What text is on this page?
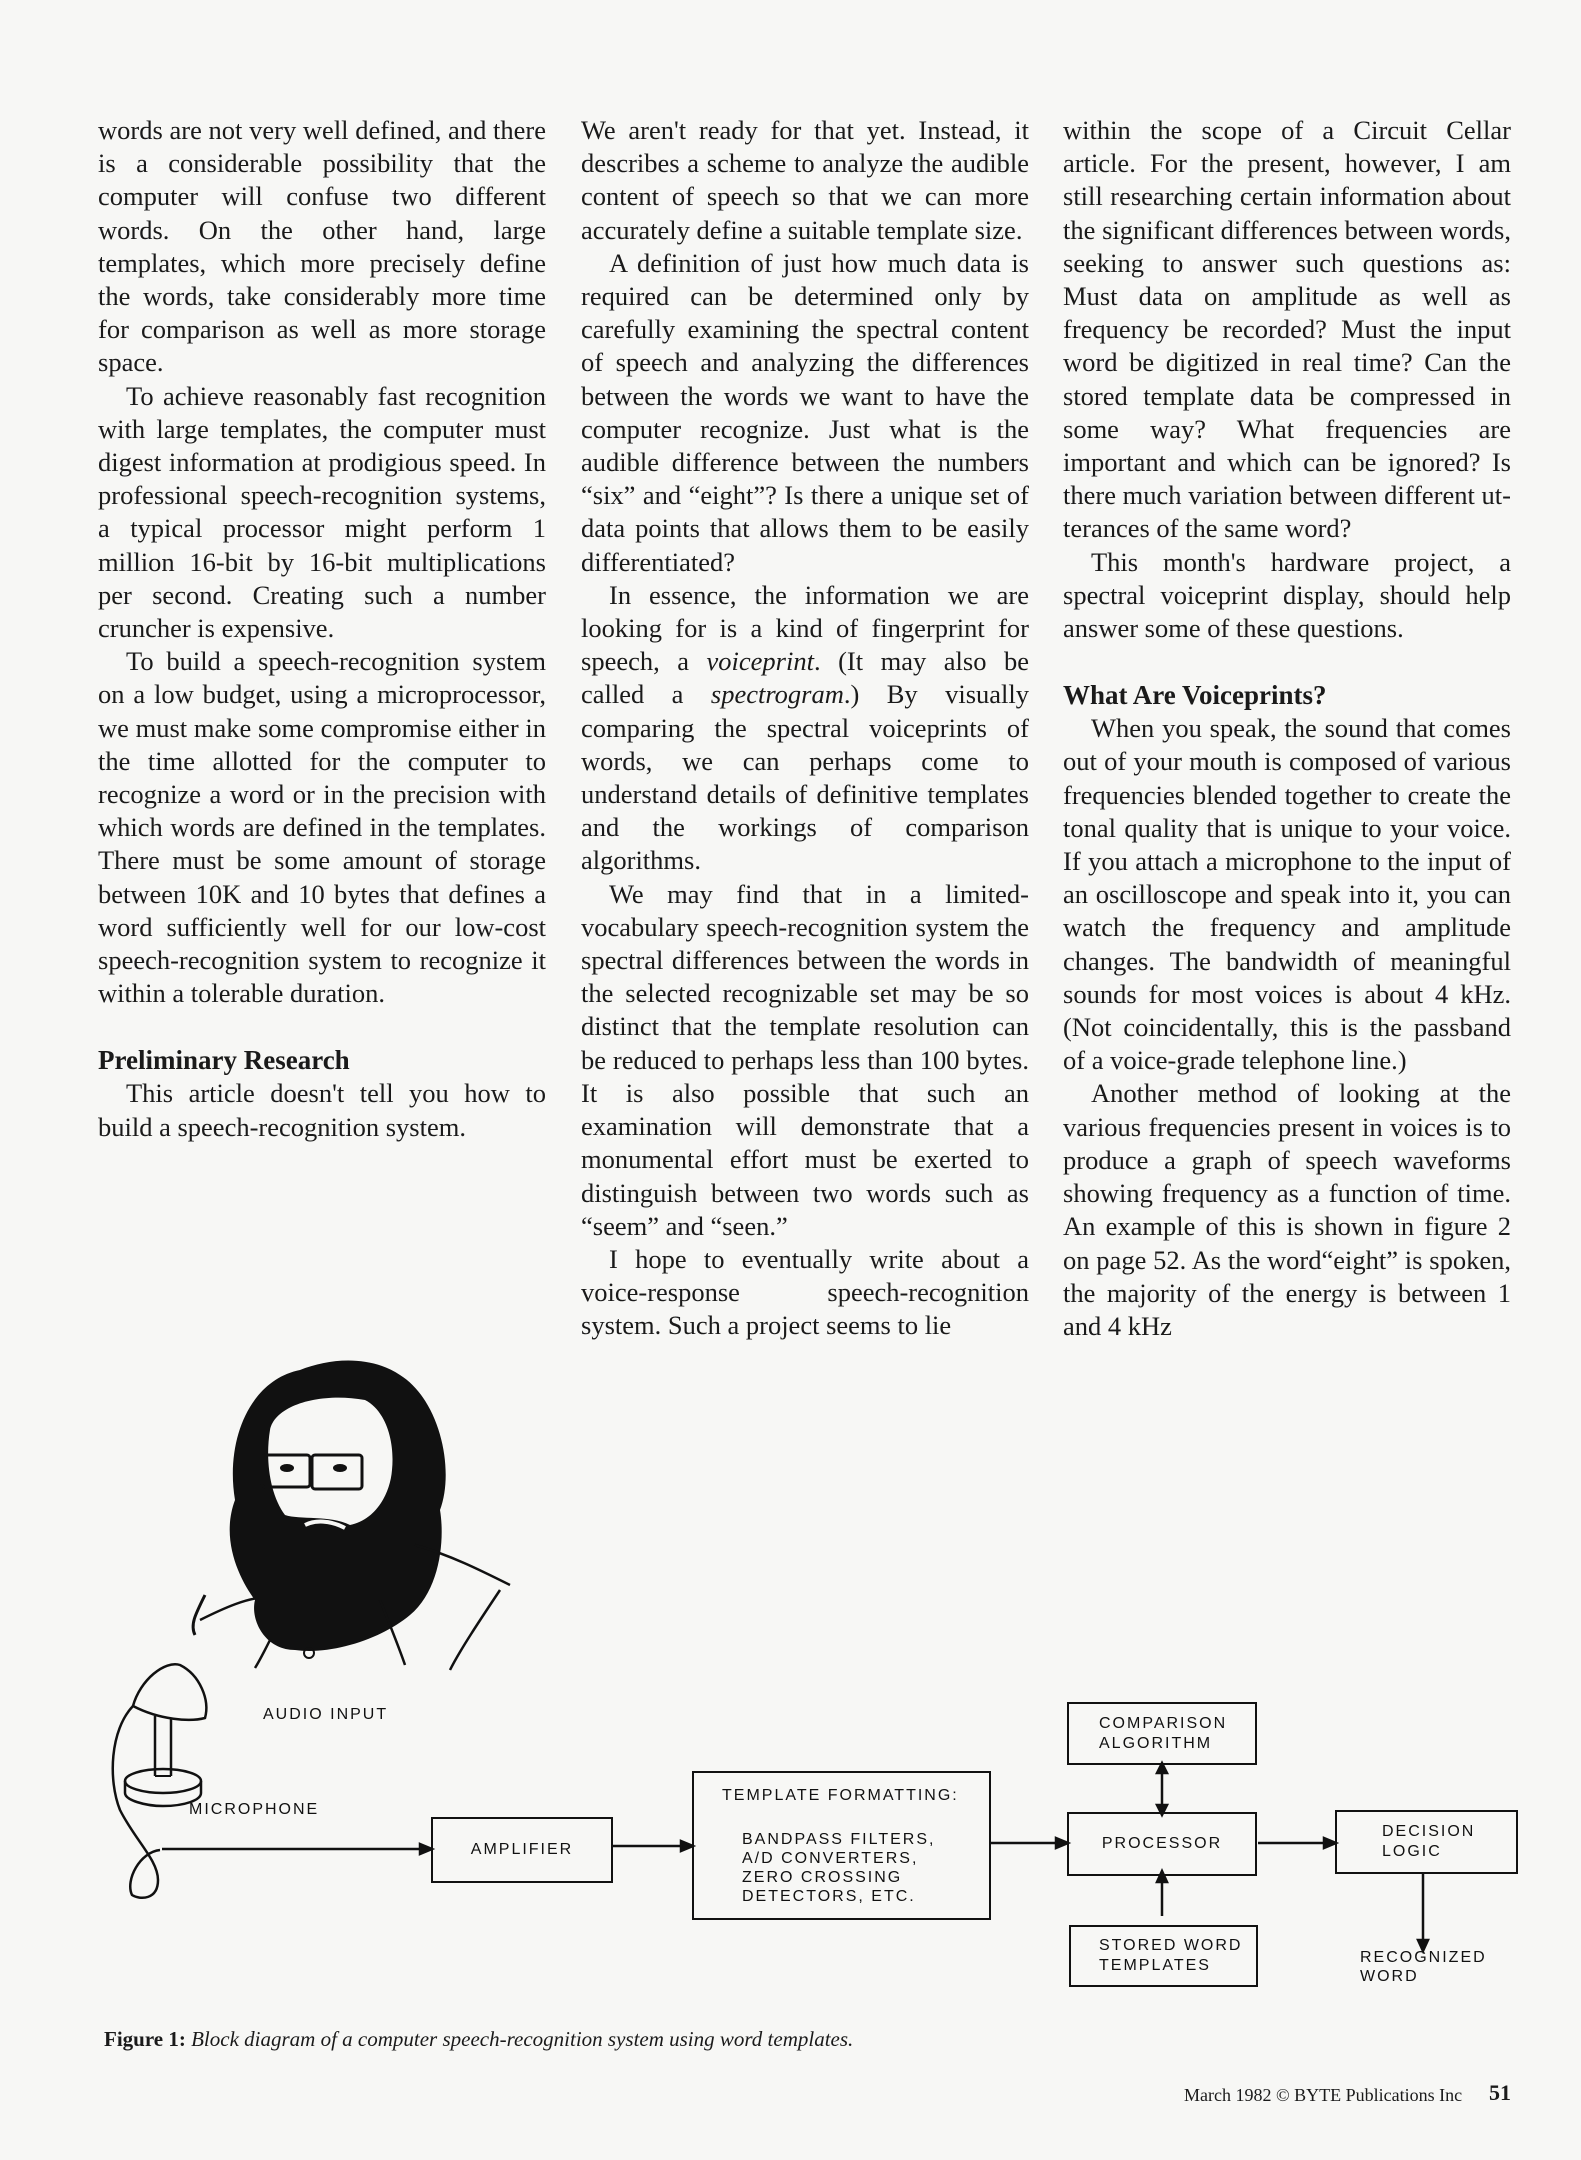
words are not very well defined, and there is a considerable possibility that the computer will confuse two different words. On the other hand, large templates, which more precisely define the words, take considerably more time for comparison as well as more storage space.

To achieve reasonably fast recognition with large templates, the computer must digest information at prodigious speed. In professional speech-recognition systems, a typical processor might perform 1 million 16-bit by 16-bit multiplications per second. Creating such a number cruncher is expensive.

To build a speech-recognition system on a low budget, using a microprocessor, we must make some compromise either in the time allotted for the computer to recognize a word or in the precision with which words are defined in the templates. There must be some amount of storage between 10K and 10 bytes that defines a word sufficiently well for our low-cost speech-recognition system to recognize it within a tolerable duration.

Preliminary Research

This article doesn't tell you how to build a speech-recognition system.

We aren't ready for that yet. Instead, it describes a scheme to analyze the audible content of speech so that we can more accurately define a suitable template size.

A definition of just how much data is required can be determined only by carefully examining the spectral content of speech and analyzing the differences between the words we want to have the computer recognize. Just what is the audible difference between the numbers “six” and “eight”? Is there a unique set of data points that allows them to be easily differentiated?

In essence, the information we are looking for is a kind of fingerprint for speech, a voiceprint. (It may also be called a spectrogram.) By visually comparing the spectral voiceprints of words, we can perhaps come to understand details of definitive templates and the workings of comparison algorithms.

We may find that in a limited-vocabulary speech-recognition system the spectral differences between the words in the selected recognizable set may be so distinct that the template resolution can be reduced to perhaps less than 100 bytes. It is also possible that such an examination will demonstrate that a monumental effort must be exerted to distinguish between two words such as “seem” and “seen.”

I hope to eventually write about a voice-response speech-recognition system. Such a project seems to lie

within the scope of a Circuit Cellar article. For the present, however, I am still researching certain information about the significant differences between words, seeking to answer such questions as: Must data on amplitude as well as frequency be recorded? Must the input word be digitized in real time? Can the stored template data be compressed in some way? What frequencies are important and which can be ignored? Is there much variation between different utterances of the same word?

This month's hardware project, a spectral voiceprint display, should help answer some of these questions.

What Are Voiceprints?

When you speak, the sound that comes out of your mouth is composed of various frequencies blended together to create the tonal quality that is unique to your voice. If you attach a microphone to the input of an oscilloscope and speak into it, you can watch the frequency and amplitude changes. The bandwidth of meaningful sounds for most voices is about 4 kHz. (Not coincidentally, this is the passband of a voice-grade telephone line.)

Another method of looking at the various frequencies present in voices is to produce a graph of speech waveforms showing frequency as a function of time. An example of this is shown in figure 2 on page 52. As the word“eight” is spoken, the majority of the energy is between 1 and 4 kHz

AUDIO INPUT
MICROPHONE
AMPLIFIER
TEMPLATE FORMATTING:
BANDPASS FILTERS,
A/D CONVERTERS,
ZERO CROSSING
DETECTORS, ETC.
COMPARISON
ALGORITHM
PROCESSOR
STORED WORD
TEMPLATES
DECISION
LOGIC
RECOGNIZED
WORD
Figure 1: Block diagram of a computer speech-recognition system using word templates.
March 1982 © BYTE Publications Inc 51
